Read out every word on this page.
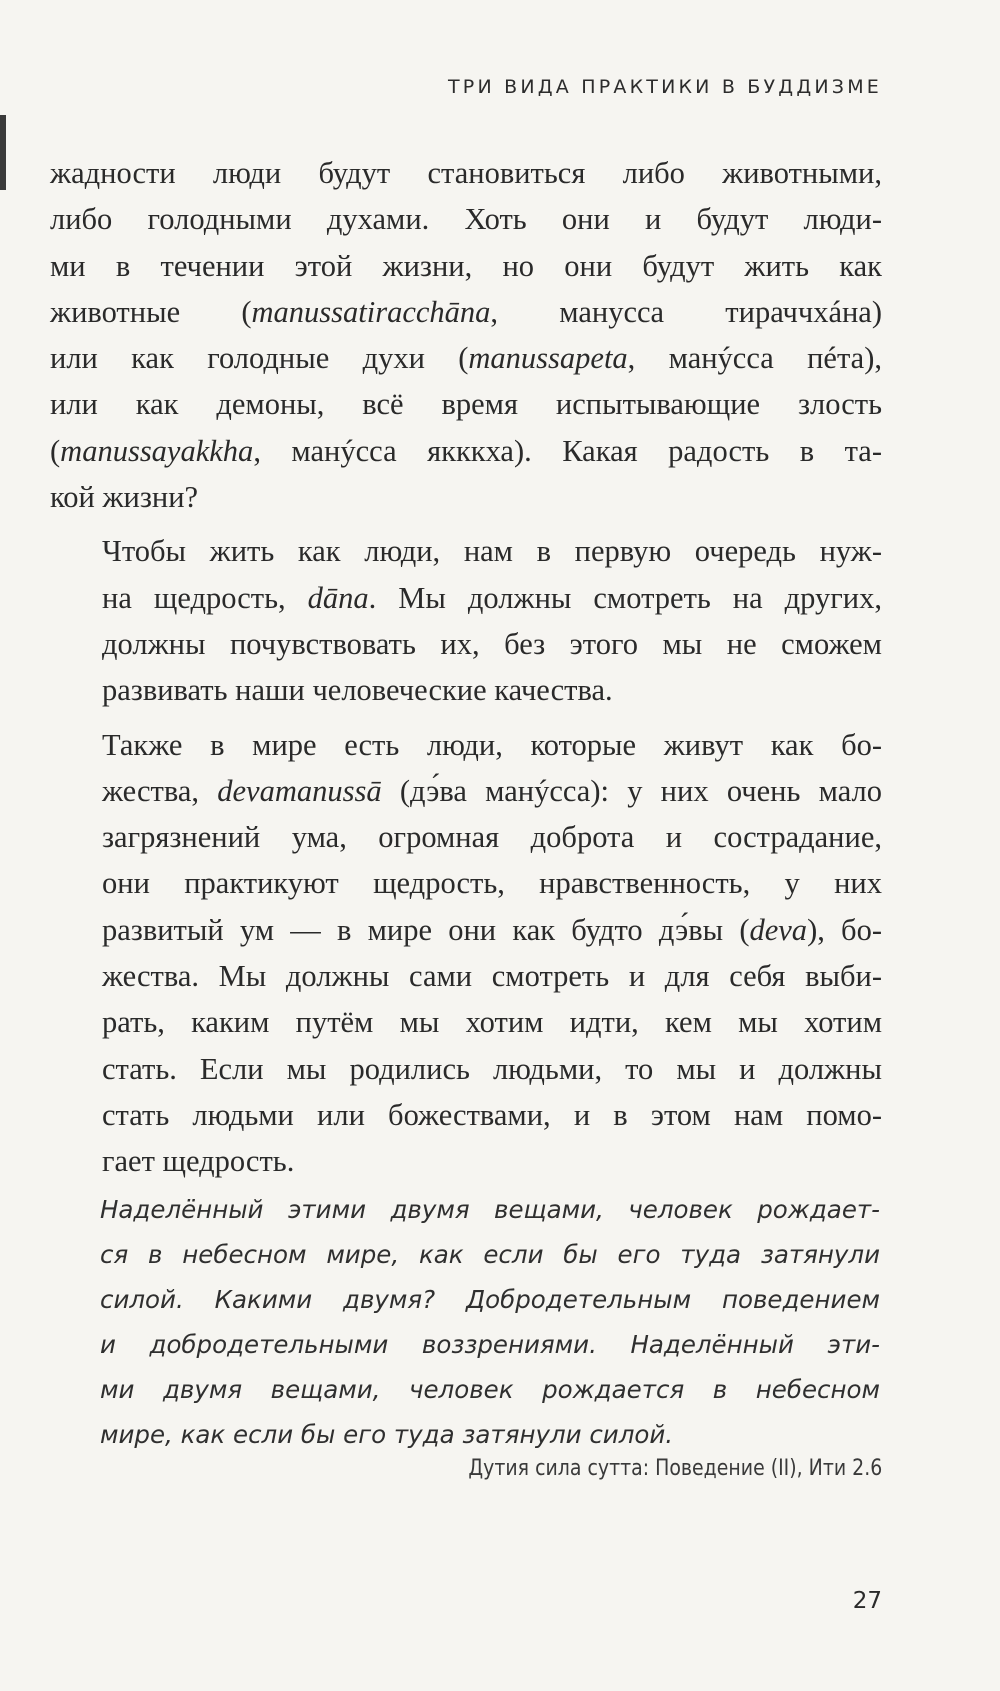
ТРИ ВИДА ПРАКТИКИ В БУДДИЗМЕ

жадности люди будут становиться либо животными,
либо голодными духами. Хоть они и будут люди-
ми в течении этой жизни, но они будут жить как
животные (manussatiracchāna, мануссa тираччхáна)
или как голодные духи (manussapeta, манýсса пéта),
или как демоны, всё время испытывающие злость
(manussayakkha, манýсса якккха). Какая радость в та-
кой жизни?

Чтобы жить как люди, нам в первую очередь нуж-
на щедрость, dāna. Мы должны смотреть на других,
должны почувствовать их, без этого мы не сможем
развивать наши человеческие качества.

Также в мире есть люди, которые живут как бо-
жества, devamanussā (дэ́ва манýсса): у них очень мало
загрязнений ума, огромная доброта и сострадание,
они практикуют щедрость, нравственность, у них
развитый ум — в мире они как будто дэ́вы (deva), бо-
жества. Мы должны сами смотреть и для себя выби-
рать, каким путём мы хотим идти, кем мы хотим
стать. Если мы родились людьми, то мы и должны
стать людьми или божествами, и в этом нам помо-
гает щедрость.

Наделённый этими двумя вещами, человек рождает-
ся в небесном мире, как если бы его туда затянули
силой. Какими двумя? Добродетельным поведением
и добродетельными воззрениями. Наделённый эти-
ми двумя вещами, человек рождается в небесном
мире, как если бы его туда затянули силой.
Дутия сила сутта: Поведение (II), Ити 2.6
27
